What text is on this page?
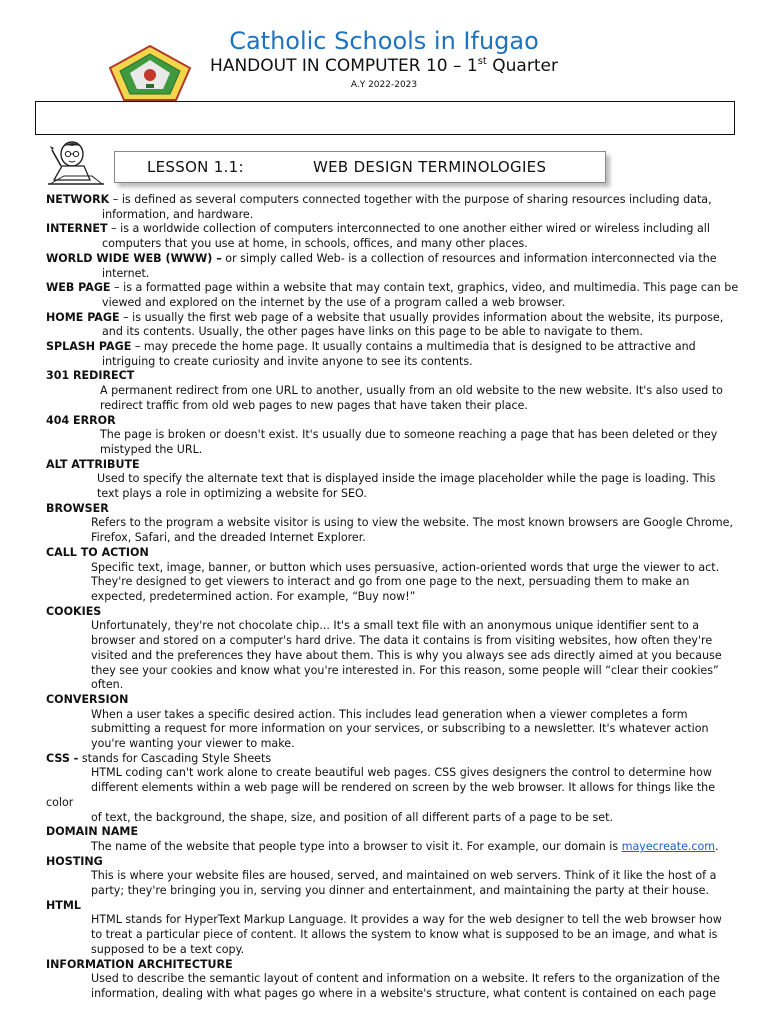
Catholic Schools in Ifugao

HANDOUT IN COMPUTER 10 – 1st Quarter

A.Y 2022-2023

LESSON 1.1:	WEB DESIGN TERMINOLOGIES
NETWORK – is defined as several computers connected together with the purpose of sharing resources including data,
information, and hardware.
INTERNET – is a worldwide collection of computers interconnected to one another either wired or wireless including all
computers that you use at home, in schools, offices, and many other places.
WORLD WIDE WEB (WWW) – or simply called Web- is a collection of resources and information interconnected via the
internet.
WEB PAGE – is a formatted page within a website that may contain text, graphics, video, and multimedia. This page can be
viewed and explored on the internet by the use of a program called a web browser.
HOME PAGE – is usually the first web page of a website that usually provides information about the website, its purpose,
and its contents. Usually, the other pages have links on this page to be able to navigate to them.
SPLASH PAGE – may precede the home page. It usually contains a multimedia that is designed to be attractive and
intriguing to create curiosity and invite anyone to see its contents.
301 REDIRECT
A permanent redirect from one URL to another, usually from an old website to the new website. It's also used to
redirect traffic from old web pages to new pages that have taken their place.
404 ERROR
The page is broken or doesn't exist. It's usually due to someone reaching a page that has been deleted or they
mistyped the URL.
ALT ATTRIBUTE
Used to specify the alternate text that is displayed inside the image placeholder while the page is loading. This
text plays a role in optimizing a website for SEO.
BROWSER
Refers to the program a website visitor is using to view the website. The most known browsers are Google Chrome,
Firefox, Safari, and the dreaded Internet Explorer.
CALL TO ACTION
Specific text, image, banner, or button which uses persuasive, action-oriented words that urge the viewer to act.
They're designed to get viewers to interact and go from one page to the next, persuading them to make an
expected, predetermined action. For example, “Buy now!”
COOKIES
Unfortunately, they're not chocolate chip... It's a small text file with an anonymous unique identifier sent to a
browser and stored on a computer's hard drive. The data it contains is from visiting websites, how often they're
visited and the preferences they have about them. This is why you always see ads directly aimed at you because
they see your cookies and know what you're interested in. For this reason, some people will “clear their cookies”
often.
CONVERSION
When a user takes a specific desired action. This includes lead generation when a viewer completes a form
submitting a request for more information on your services, or subscribing to a newsletter. It's whatever action
you're wanting your viewer to make.
CSS - stands for Cascading Style Sheets
HTML coding can't work alone to create beautiful web pages. CSS gives designers the control to determine how
different elements within a web page will be rendered on screen by the web browser. It allows for things like the
color
of text, the background, the shape, size, and position of all different parts of a page to be set.
DOMAIN NAME
The name of the website that people type into a browser to visit it. For example, our domain is mayecreate.com.
HOSTING
This is where your website files are housed, served, and maintained on web servers. Think of it like the host of a
party; they're bringing you in, serving you dinner and entertainment, and maintaining the party at their house.
HTML
HTML stands for HyperText Markup Language. It provides a way for the web designer to tell the web browser how
to treat a particular piece of content. It allows the system to know what is supposed to be an image, and what is
supposed to be a text copy.
INFORMATION ARCHITECTURE
Used to describe the semantic layout of content and information on a website. It refers to the organization of the
information, dealing with what pages go where in a website's structure, what content is contained on each page
